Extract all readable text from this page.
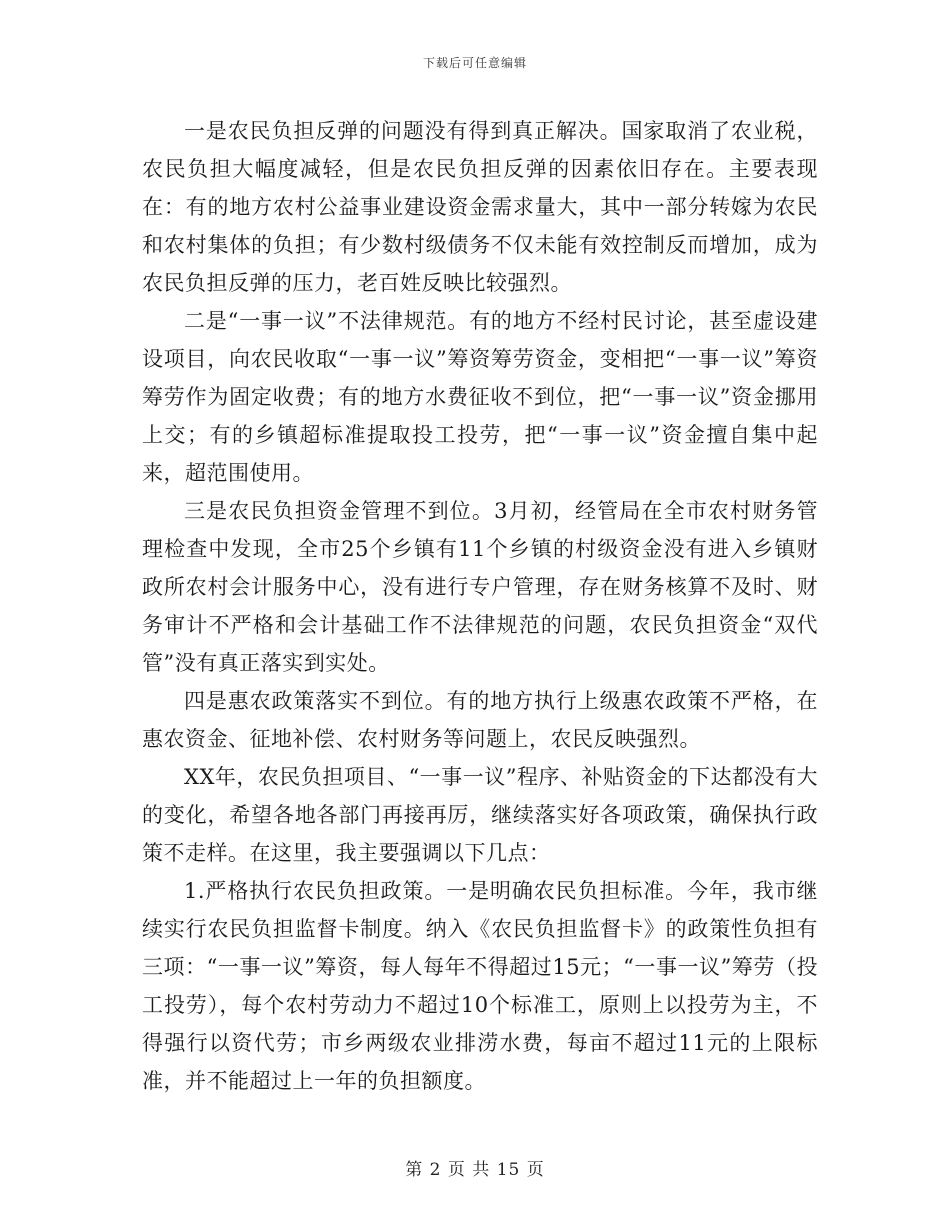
下载后可任意编辑

一是农民负担反弹的问题没有得到真正解决。国家取消了农业税，农民负担大幅度减轻，但是农民负担反弹的因素依旧存在。主要表现在：有的地方农村公益事业建设资金需求量大，其中一部分转嫁为农民和农村集体的负担；有少数村级债务不仅未能有效控制反而增加，成为农民负担反弹的压力，老百姓反映比较强烈。

二是“一事一议”不法律规范。有的地方不经村民讨论，甚至虚设建设项目，向农民收取“一事一议”筹资筹劳资金，变相把“一事一议”筹资筹劳作为固定收费；有的地方水费征收不到位，把“一事一议”资金挪用上交；有的乡镇超标准提取投工投劳，把“一事一议”资金擅自集中起来，超范围使用。

三是农民负担资金管理不到位。3月初，经管局在全市农村财务管理检查中发现，全市25个乡镇有11个乡镇的村级资金没有进入乡镇财政所农村会计服务中心，没有进行专户管理，存在财务核算不及时、财务审计不严格和会计基础工作不法律规范的问题，农民负担资金“双代管”没有真正落实到实处。

四是惠农政策落实不到位。有的地方执行上级惠农政策不严格，在惠农资金、征地补偿、农村财务等问题上，农民反映强烈。

XX年，农民负担项目、“一事一议”程序、补贴资金的下达都没有大的变化，希望各地各部门再接再厉，继续落实好各项政策，确保执行政策不走样。在这里，我主要强调以下几点：

1.严格执行农民负担政策。一是明确农民负担标准。今年，我市继续实行农民负担监督卡制度。纳入《农民负担监督卡》的政策性负担有三项：“一事一议”筹资，每人每年不得超过15元；“一事一议”筹劳（投工投劳），每个农村劳动力不超过10个标准工，原则上以投劳为主，不得强行以资代劳；市乡两级农业排涝水费，每亩不超过11元的上限标准，并不能超过上一年的负担额度。

第 2 页 共 15 页
